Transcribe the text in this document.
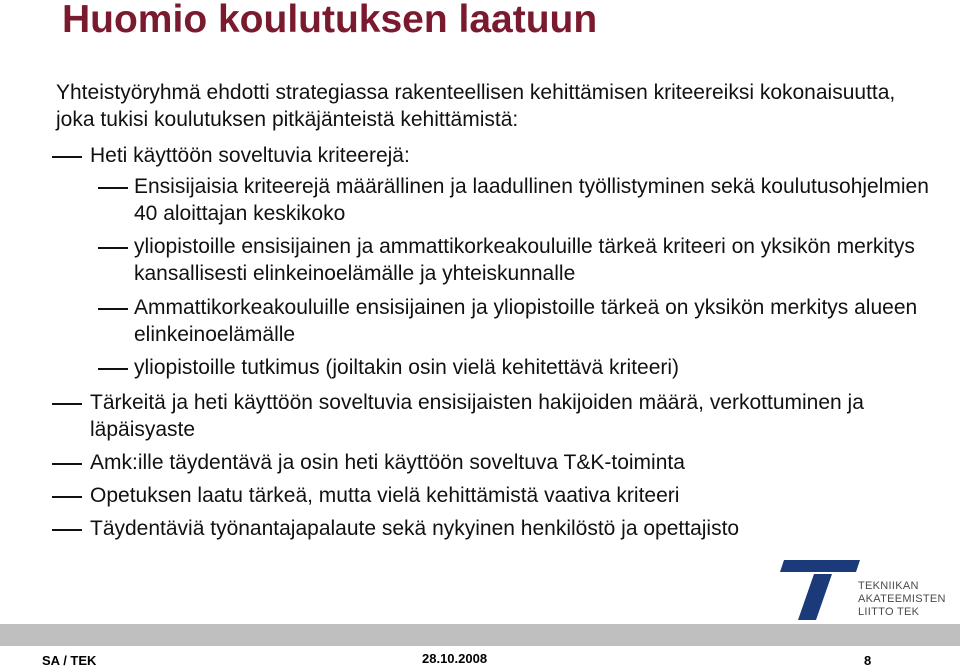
Huomio koulutuksen laatuun
Yhteistyöryhmä ehdotti strategiassa rakenteellisen kehittämisen kriteereiksi kokonaisuutta, joka tukisi koulutuksen pitkäjänteistä kehittämistä:
Heti käyttöön soveltuvia kriteerejä:
Ensisijaisia kriteerejä määrällinen ja laadullinen työllistyminen sekä koulutusohjelmien 40 aloittajan keskikoko
yliopistoille ensisijainen ja ammattikorkeakouluille tärkeä kriteeri on yksikön merkitys kansallisesti elinkeinoelämälle ja yhteiskunnalle
Ammattikorkeakouluille ensisijainen ja yliopistoille tärkeä on yksikön merkitys alueen elinkeinoelämälle
yliopistoille tutkimus (joiltakin osin vielä kehitettävä kriteeri)
Tärkeitä ja heti käyttöön soveltuvia ensisijaisten hakijoiden määrä, verkottuminen ja läpäisyaste
Amk:ille täydentävä ja osin heti käyttöön soveltuva T&K-toiminta
Opetuksen laatu tärkeä, mutta vielä kehittämistä vaativa kriteeri
Täydentäviä työnantajapalaute sekä nykyinen henkilöstö ja opettajisto
TEKNIIKAN
AKATEEMISTEN
LIITTO TEK
SA / TEK	28.10.2008	8
